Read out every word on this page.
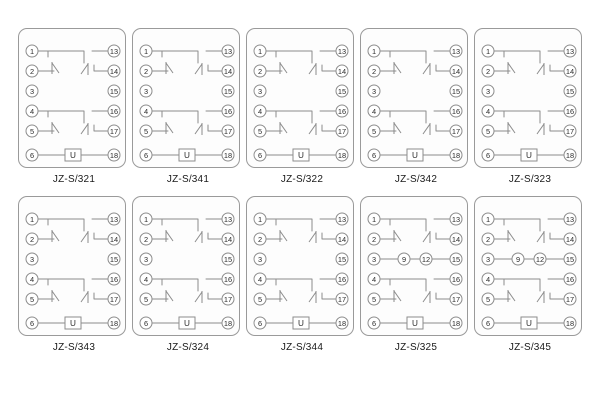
1
2
3
4
5
6
13
14
15
16
17
18
U
JZ-S/321
1
2
3
4
5
6
13
14
15
16
17
18
U
JZ-S/341
1
2
3
4
5
6
13
14
15
16
17
18
U
JZ-S/322
1
2
3
4
5
6
13
14
15
16
17
18
U
JZ-S/342
1
2
3
4
5
6
13
14
15
16
17
18
U
JZ-S/323
1
2
3
4
5
6
13
14
15
16
17
18
U
JZ-S/343
1
2
3
4
5
6
13
14
15
16
17
18
U
JZ-S/324
1
2
3
4
5
6
13
14
15
16
17
18
U
JZ-S/344
1
2
3
4
5
6
13
14
15
16
17
18
9 12
U
JZ-S/325
1
2
3
4
5
6
13
14
15
16
17
18
9 12
U
JZ-S/345
